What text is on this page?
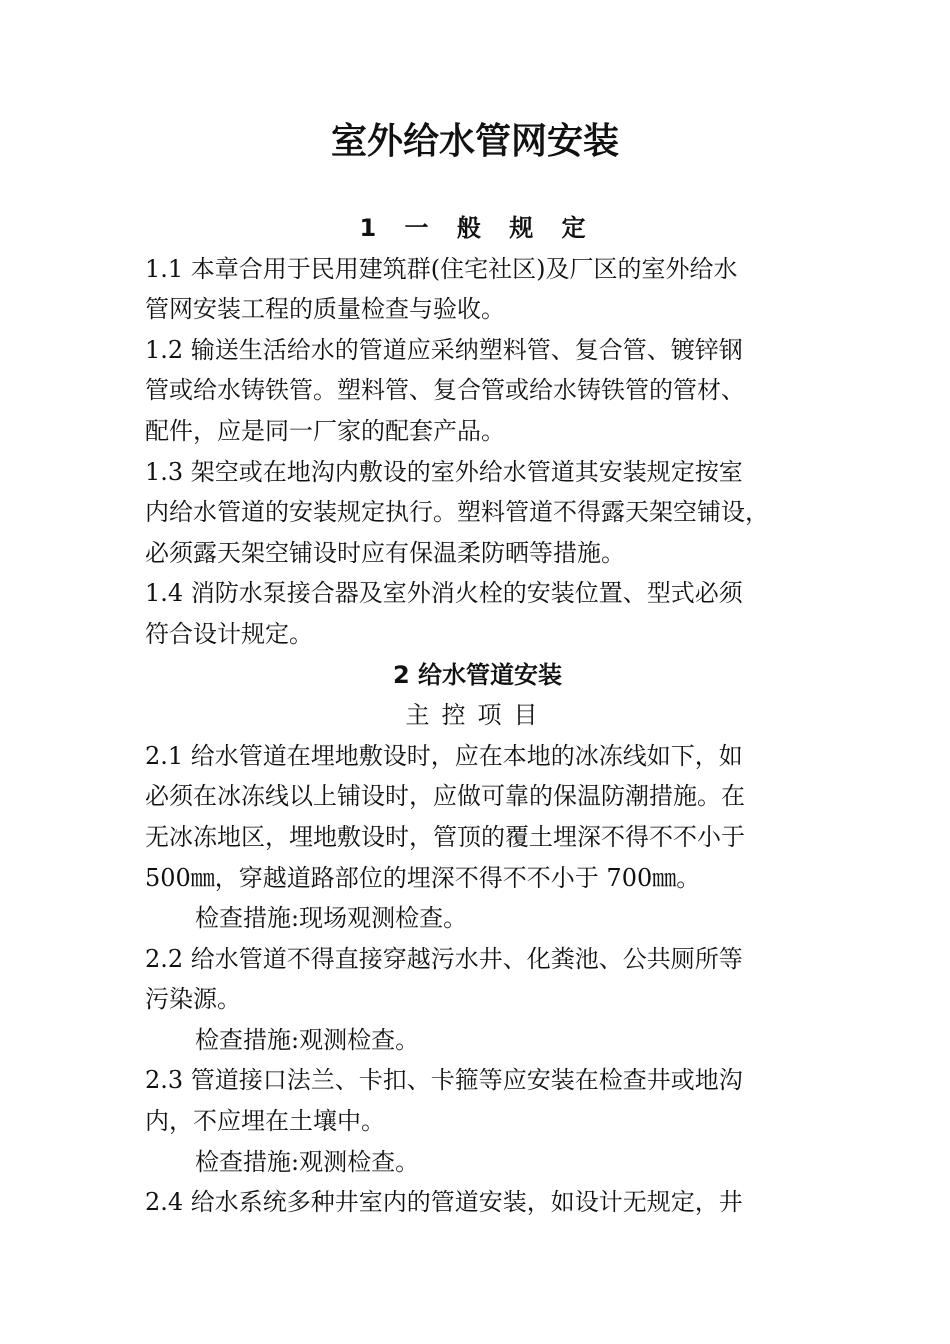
室外给水管网安装
1 一 般 规 定
1.1 本章合用于民用建筑群(住宅社区)及厂区的室外给水
管网安装工程的质量检查与验收。
1.2 输送生活给水的管道应采纳塑料管、复合管、镀锌钢
管或给水铸铁管。塑料管、复合管或给水铸铁管的管材、
配件，应是同一厂家的配套产品。
1.3 架空或在地沟内敷设的室外给水管道其安装规定按室
内给水管道的安装规定执行。塑料管道不得露天架空铺设，
必须露天架空铺设时应有保温柔防晒等措施。
1.4 消防水泵接合器及室外消火栓的安装位置、型式必须
符合设计规定。
2 给水管道安装
主控项目
2.1 给水管道在埋地敷设时，应在本地的冰冻线如下，如
必须在冰冻线以上铺设时，应做可靠的保温防潮措施。在
无冰冻地区，埋地敷设时，管顶的覆土埋深不得不不小于
500㎜，穿越道路部位的埋深不得不不小于 700㎜。
检查措施:现场观测检查。
2.2 给水管道不得直接穿越污水井、化粪池、公共厕所等
污染源。
检查措施:观测检查。
2.3 管道接口法兰、卡扣、卡箍等应安装在检查井或地沟
内，不应埋在土壤中。
检查措施:观测检查。
2.4 给水系统多种井室内的管道安装，如设计无规定，井
